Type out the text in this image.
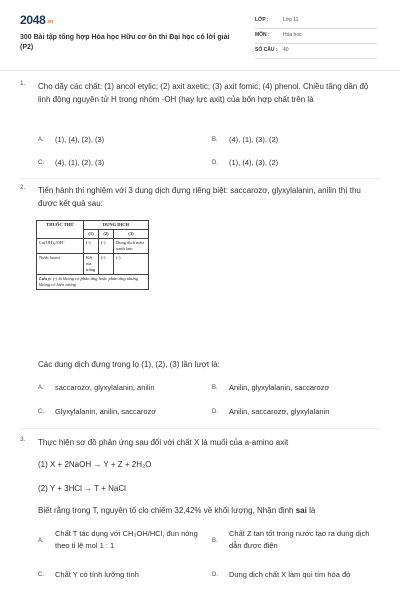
2048.vn
300 Bài tập tổng hợp Hóa học Hữu cơ ôn thi Đại học có lời giải (P2)
LỚP :	Lớp 11
MÔN :	Hóa học
SỐ CÂU : 40
1. Cho dãy các chất: (1) ancol etylic; (2) axit axetic; (3) axit fomic; (4) phenol. Chiều tăng dần độ linh động nguyên tử H trong nhóm -OH (hay lực axit) của bốn hợp chất trên là
A. (1), (4), (2), (3)	B. (4), (1), (3), (2)
C. (4), (1), (2), (3)	D. (1), (4), (3), (2)
2. Tiến hành thí nghiệm với 3 dung dịch đựng riêng biệt: saccarozơ, glyxylalanin, anilin thì thu được kết quả sau:
THUỐC THỬ	DUNG DỊCH		
	(1)	(2)	(3)
Cu(OH)₂/OH⁻	(-)	(-)	Dung dịch màu xanh lam
Nước brom	Kết tủa trắng	(-)	(-)
Lưu ý: (-) là không có phản ứng hoặc phản ứng nhưng không có hiện tượng			
Các dung dịch đựng trong lọ (1), (2), (3) lần lượt là:
A. saccarozơ, glyxylalanin, anilin	B. Anilin, glyxylalanin, saccarozơ
C. Glyxylalanin, anilin, saccarozơ	D. Anilin, saccarozơ, glyxylalanin
3. Thực hiện sơ đồ phản ứng sau đối với chất X là muối của a-amino axit
(1) X + 2NaOH → Y + Z + 2H₂O
(2) Y + 3HCl → T + NaCl
Biết rằng trong T, nguyên tố clo chiếm 32,42% về khối lượng, Nhận định sai là
A.
Chất T tác dụng với CH₃OH/HCl, đun nóng theo tỉ lệ mol 1 : 1	B.
Chất Z tan tốt trong nước tạo ra dung dịch dẫn được điện
C. Chất Y có tính lưỡng tính	D. Dung dịch chất X làm quì tím hóa đỏ
